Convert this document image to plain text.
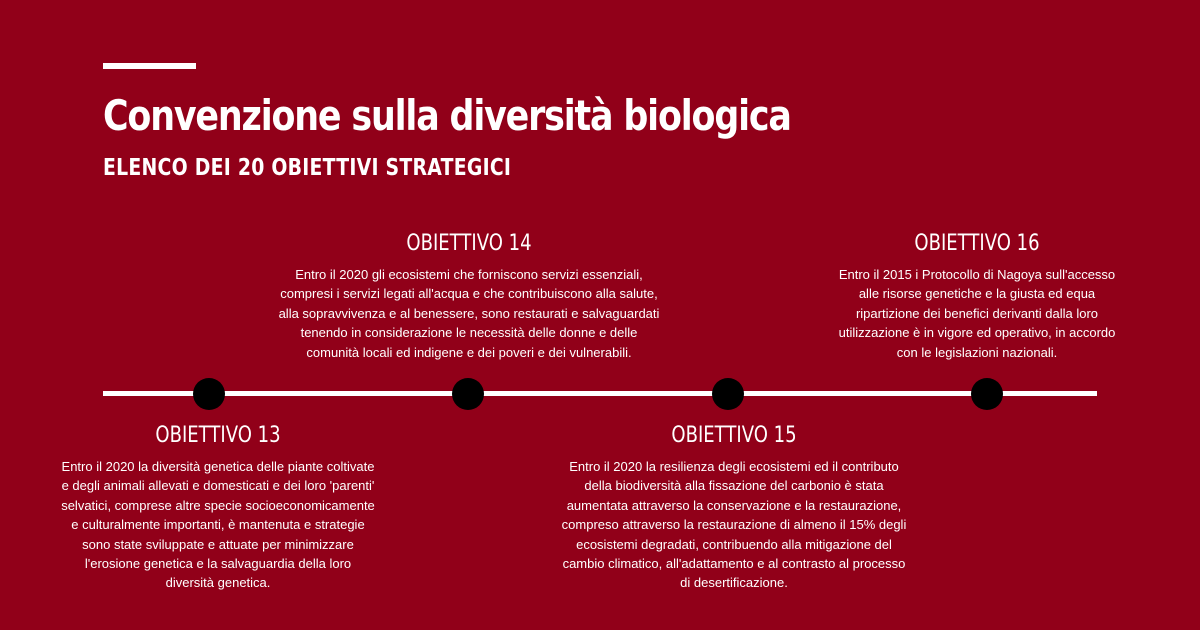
Convenzione sulla diversità biologica
ELENCO DEI 20 OBIETTIVI STRATEGICI
OBIETTIVO 14
Entro il 2020 gli ecosistemi che forniscono servizi essenziali, compresi i servizi legati all'acqua e che contribuiscono alla salute, alla sopravvivenza e al benessere, sono restaurati e salvaguardati tenendo in considerazione le necessità delle donne e delle comunità locali ed indigene e dei poveri e dei vulnerabili.
OBIETTIVO 16
Entro il 2015 i Protocollo di Nagoya sull'accesso alle risorse genetiche e la giusta ed equa ripartizione dei benefici derivanti dalla loro utilizzazione è in vigore ed operativo, in accordo con le legislazioni nazionali.
OBIETTIVO 13
Entro il 2020 la diversità genetica delle piante coltivate e degli animali allevati e domesticati e dei loro 'parenti' selvatici, comprese altre specie socioeconomicamente e culturalmente importanti, è mantenuta e strategie sono state sviluppate e attuate per minimizzare l'erosione genetica e la salvaguardia della loro diversità genetica.
OBIETTIVO 15
Entro il 2020 la resilienza degli ecosistemi ed il contributo della biodiversità alla fissazione del carbonio è stata aumentata attraverso la conservazione e la restaurazione, compreso attraverso la restaurazione di almeno il 15% degli ecosistemi degradati, contribuendo alla mitigazione del cambio climatico, all'adattamento e al contrasto al processo di desertificazione.
